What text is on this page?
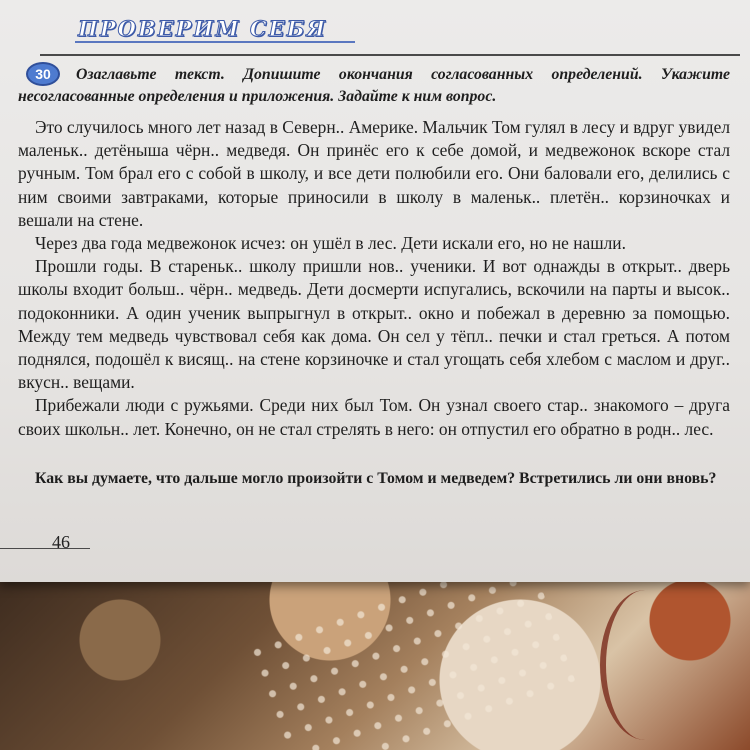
ПРОВЕРИМ СЕБЯ
30	Озаглавьте текст. Допишите окончания согласованных определений. Укажите несогласованные определения и приложения. Задайте к ним вопрос.

Это случилось много лет назад в Северн.. Америке. Мальчик Том гулял в лесу и вдруг увидел маленьк.. детёныша чёрн.. медведя. Он принёс его к себе домой, и медвежонок вскоре стал ручным. Том брал его с собой в школу, и все дети полюбили его. Они баловали его, делились с ним своими завтраками, которые приносили в школу в маленьк.. плетён.. корзиночках и вешали на стене.

Через два года медвежонок исчез: он ушёл в лес. Дети искали его, но не нашли.

Прошли годы. В стареньк.. школу пришли нов.. ученики. И вот однажды в открыт.. дверь школы входит больш.. чёрн.. медведь. Дети досмерти испугались, вскочили на парты и высок.. подоконники. А один ученик выпрыгнул в открыт.. окно и побежал в деревню за помощью. Между тем медведь чувствовал себя как дома. Он сел у тёпл.. печки и стал греться. А потом поднялся, подошёл к висящ.. на стене корзиночке и стал угощать себя хлебом с маслом и друг.. вкусн.. вещами.

Прибежали люди с ружьями. Среди них был Том. Он узнал своего стар.. знакомого – друга своих школьн.. лет. Конечно, он не стал стрелять в него: он отпустил его обратно в родн.. лес.

Как вы думаете, что дальше могло произойти с Томом и медведем? Встретились ли они вновь?
46
